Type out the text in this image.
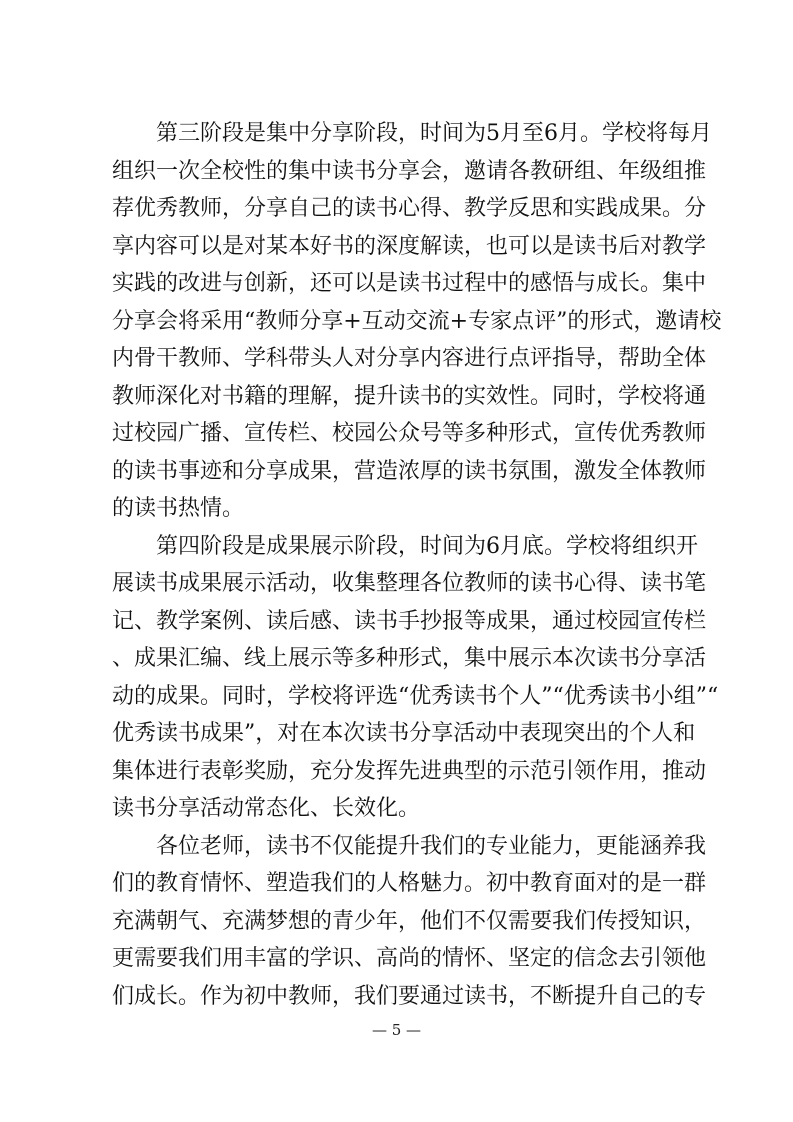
第三阶段是集中分享阶段，时间为5月至6月。学校将每月

组织一次全校性的集中读书分享会，邀请各教研组、年级组推

荐优秀教师，分享自己的读书心得、教学反思和实践成果。分

享内容可以是对某本好书的深度解读，也可以是读书后对教学

实践的改进与创新，还可以是读书过程中的感悟与成长。集中

分享会将采用“教师分享+互动交流+专家点评”的形式，邀请校

内骨干教师、学科带头人对分享内容进行点评指导，帮助全体

教师深化对书籍的理解，提升读书的实效性。同时，学校将通

过校园广播、宣传栏、校园公众号等多种形式，宣传优秀教师

的读书事迹和分享成果，营造浓厚的读书氛围，激发全体教师

的读书热情。

第四阶段是成果展示阶段，时间为6月底。学校将组织开

展读书成果展示活动，收集整理各位教师的读书心得、读书笔

记、教学案例、读后感、读书手抄报等成果，通过校园宣传栏

、成果汇编、线上展示等多种形式，集中展示本次读书分享活

动的成果。同时，学校将评选“优秀读书个人”“优秀读书小组”“

优秀读书成果”，对在本次读书分享活动中表现突出的个人和

集体进行表彰奖励，充分发挥先进典型的示范引领作用，推动

读书分享活动常态化、长效化。

各位老师，读书不仅能提升我们的专业能力，更能涵养我

们的教育情怀、塑造我们的人格魅力。初中教育面对的是一群

充满朝气、充满梦想的青少年，他们不仅需要我们传授知识，

更需要我们用丰富的学识、高尚的情怀、坚定的信念去引领他

们成长。作为初中教师，我们要通过读书，不断提升自己的专

— 5 —
